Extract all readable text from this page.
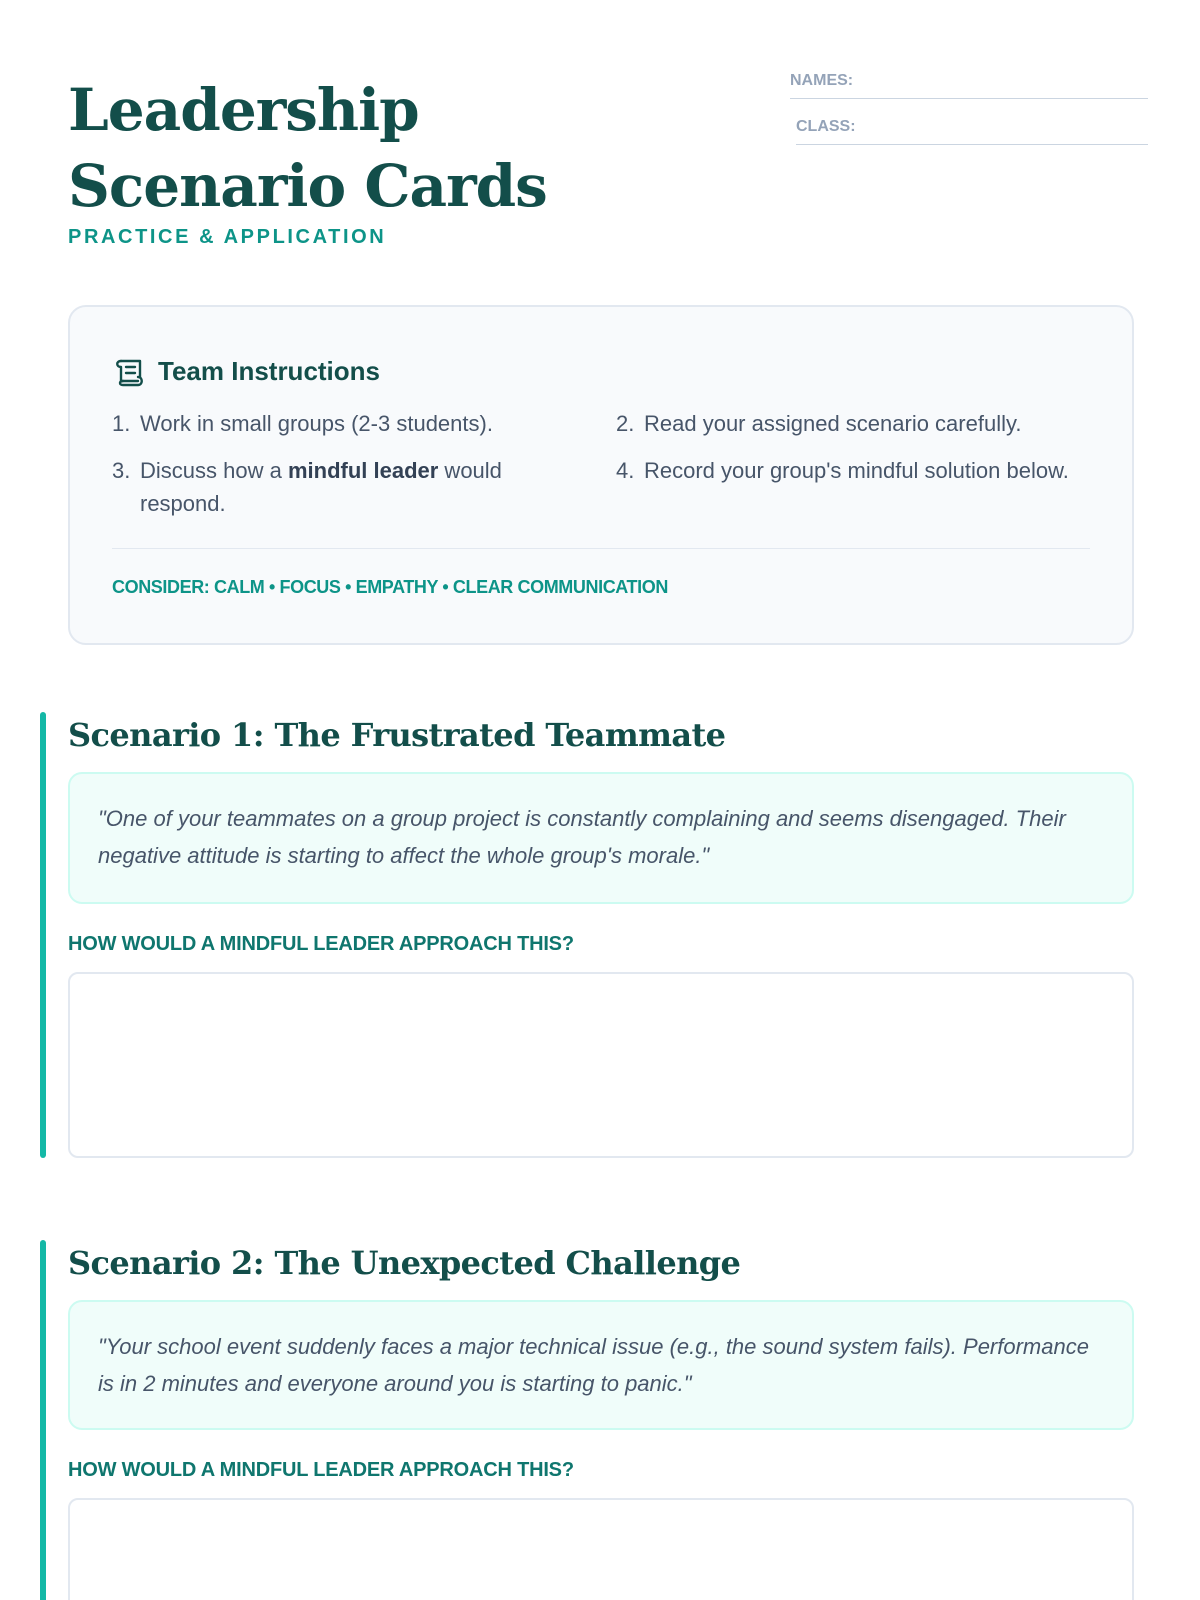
Leadership Scenario Cards
PRACTICE & APPLICATION
NAMES:
CLASS:
Team Instructions
1. Work in small groups (2-3 students).	2. Read your assigned scenario carefully.
3. Discuss how a mindful leader would respond.
4. Record your group's mindful solution below.
CONSIDER: CALM • FOCUS • EMPATHY • CLEAR COMMUNICATION
Scenario 1: The Frustrated Teammate
"One of your teammates on a group project is constantly complaining and seems disengaged. Their negative attitude is starting to affect the whole group's morale."
HOW WOULD A MINDFUL LEADER APPROACH THIS?
Scenario 2: The Unexpected Challenge
"Your school event suddenly faces a major technical issue (e.g., the sound system fails). Performance is in 2 minutes and everyone around you is starting to panic."
HOW WOULD A MINDFUL LEADER APPROACH THIS?
